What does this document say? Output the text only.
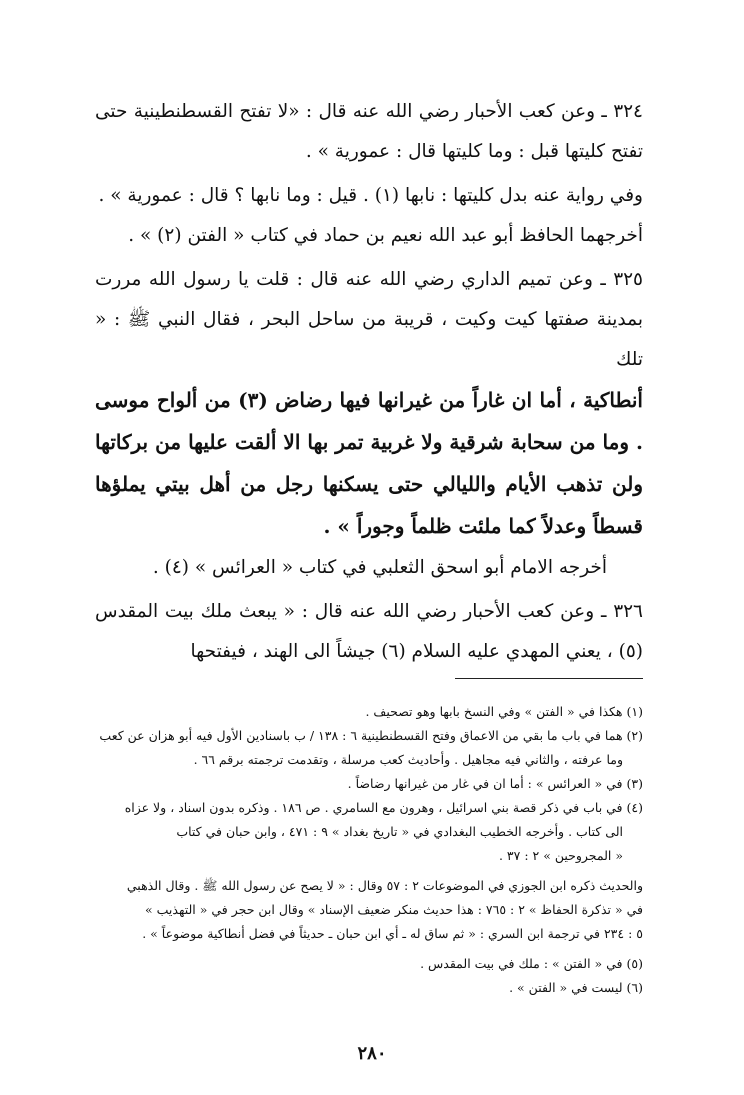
٣٢٤ ـ وعن كعب الأحبار رضي الله عنه قال : «لا تفتح القسطنطينية حتى تفتح كليتها قبل : وما كليتها قال : عمورية » .

وفي رواية عنه بدل كليتها : نابها (١) . قيل : وما نابها ؟ قال : عمورية » .

أخرجهما الحافظ أبو عبد الله نعيم بن حماد في كتاب « الفتن (٢) » .

٣٢٥ ـ وعن تميم الداري رضي الله عنه قال : قلت يا رسول الله مررت بمدينة صفتها كيت وكيت ، قريبة من ساحل البحر ، فقال النبي ﷺ : « تلك

أنطاكية ، أما ان غاراً من غيرانها فيها رضاض (٣) من ألواح موسى . وما من سحابة شرقية ولا غربية تمر بها الا ألقت عليها من بركاتها ولن تذهب الأيام والليالي حتى يسكنها رجل من أهل بيتي يملؤها قسطاً وعدلاً كما ملئت ظلماً وجوراً » .

أخرجه الامام أبو اسحق الثعلبي في كتاب « العرائس » (٤) .

٣٢٦ ـ وعن كعب الأحبار رضي الله عنه قال : « يبعث ملك بيت المقدس (٥) ، يعني المهدي عليه السلام (٦) جيشاً الى الهند ، فيفتحها

(١) هكذا في « الفتن » وفي النسخ بابها وهو تصحيف .

(٢) هما في باب ما بقي من الاعماق وفتح القسطنطينية ٦ : ١٣٨ / ب باسنادين الأول فيه أبو هزان عن كعب

وما عرفته ، والثاني فيه مجاهيل . وأحاديث كعب مرسلة ، وتقدمت ترجمته برقم ٦٦ .

(٣) في « العرائس » : أما ان في غار من غيرانها رضاضاً .

(٤) في باب في ذكر قصة بني اسرائيل ، وهرون مع السامري . ص ١٨٦ . وذكره بدون اسناد ، ولا عزاه

الى كتاب . وأخرجه الخطيب البغدادي في « تاريخ بغداد » ٩ : ٤٧١ ، وابن حبان في كتاب

« المجروحين » ٢ : ٣٧ .

والحديث ذكره ابن الجوزي في الموضوعات ٢ : ٥٧ وقال : « لا يصح عن رسول الله ﷺ . وقال الذهبي

في « تذكرة الحفاظ » ٢ : ٧٦٥ : هذا حديث منكر ضعيف الإسناد » وقال ابن حجر في « التهذيب »

٥ : ٢٣٤ في ترجمة ابن السري : « ثم ساق له ـ أي ابن حبان ـ حديثاً في فضل أنطاكية موضوعاً » .

(٥) في « الفتن » : ملك في بيت المقدس .

(٦) ليست في « الفتن » .

٢٨٠
